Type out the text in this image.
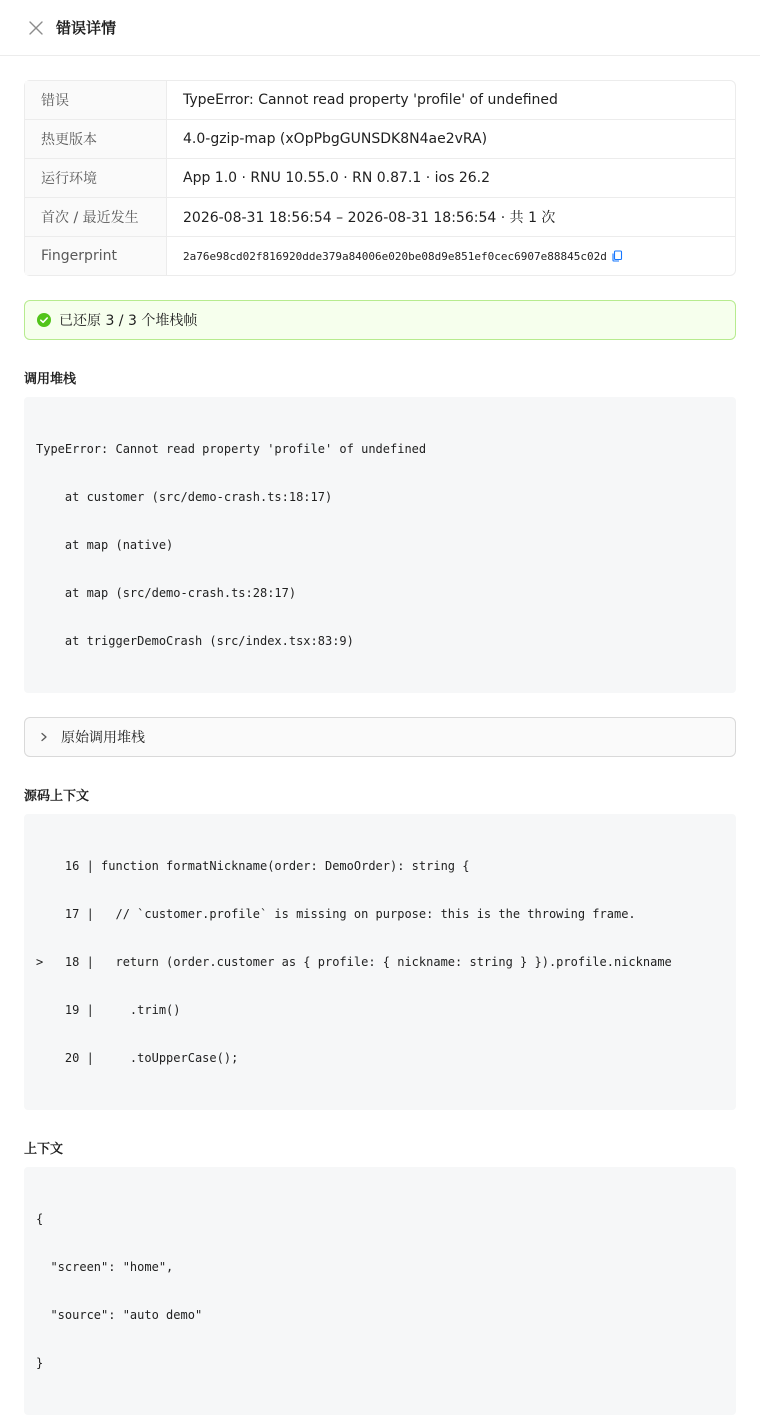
错误详情
错误	TypeError: Cannot read property 'profile' of undefined
热更版本	4.0-gzip-map (xOpPbgGUNSDK8N4ae2vRA)
运行环境	App 1.0 · RNU 10.55.0 · RN 0.87.1 · ios 26.2
首次 / 最近发生	2026-08-31 18:56:54 – 2026-08-31 18:56:54 · 共 1 次
Fingerprint	2a76e98cd02f816920dde379a84006e020be08d9e851ef0cec6907e88845c02d
已还原 3 / 3 个堆栈帧
调用堆栈

TypeError: Cannot read property 'profile' of undefined

at customer (src/demo-crash.ts:18:17)

at map (native)

at map (src/demo-crash.ts:28:17)

at triggerDemoCrash (src/index.tsx:83:9)

原始调用堆栈
源码上下文

16 | function formatNickname(order: DemoOrder): string {

17 |   // `customer.profile` is missing on purpose: this is the throwing frame.

>   18 |   return (order.customer as { profile: { nickname: string } }).profile.nickname

19 |     .trim()

20 |     .toUpperCase();

上下文

{

"screen": "home",

"source": "auto demo"

}
